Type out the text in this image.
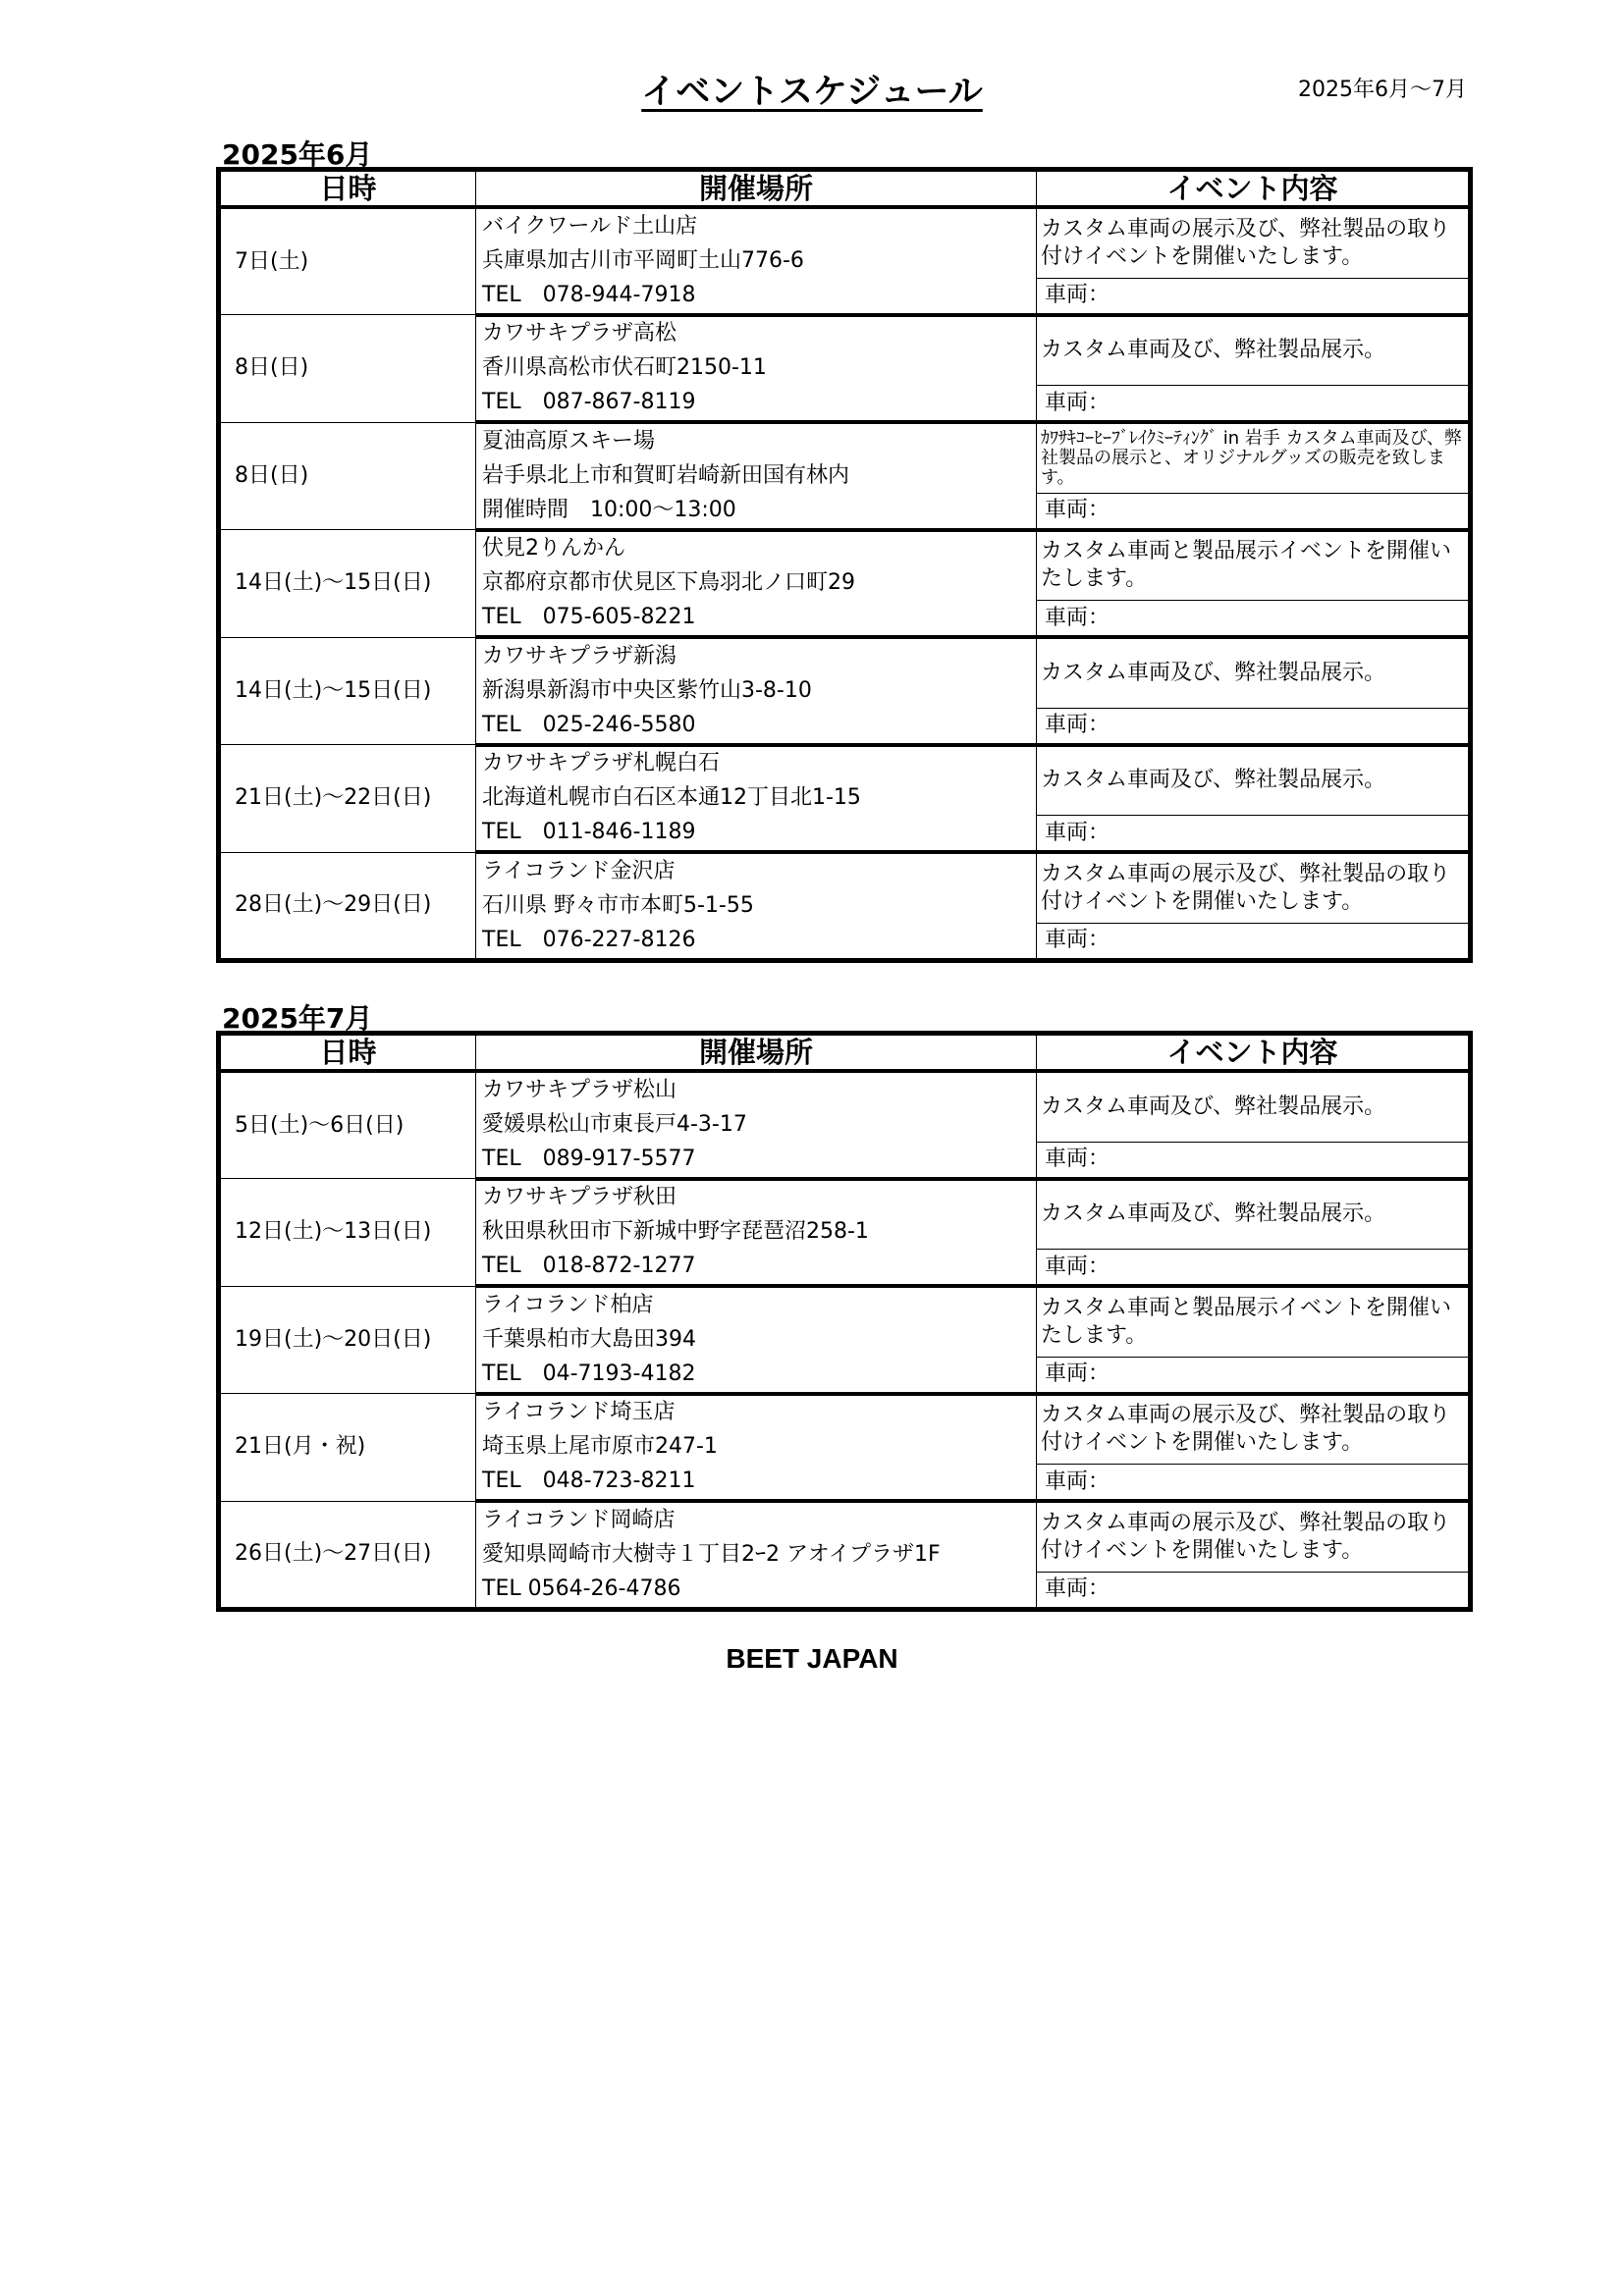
イベントスケジュール	2025年6月～7月
2025年6月
日時	開催場所	イベント内容
7日(土)	バイクワールド土山店	カスタム車両の展示及び、弊社製品の取り付けイベントを開催いたします。
	兵庫県加古川市平岡町土山776-6	
	TEL　078-944-7918	車両：
8日(日)	カワサキプラザ高松	カスタム車両及び、弊社製品展示。
	香川県高松市伏石町2150-11	
	TEL　087-867-8119	車両：
8日(日)	夏油高原スキー場	ｶﾜｻｷｺｰﾋｰﾌﾞﾚｲｸﾐｰﾃｨﾝｸﾞ in 岩手 カスタム車両及び、弊社製品の展示と、オリジナルグッズの販売を致します。
	岩手県北上市和賀町岩崎新田国有林内	
	開催時間　10:00～13:00	車両：
14日(土)～15日(日)	伏見2りんかん	カスタム車両と製品展示イベントを開催いたします。
	京都府京都市伏見区下鳥羽北ノ口町29	
	TEL　075-605-8221	車両：
14日(土)～15日(日)	カワサキプラザ新潟	カスタム車両及び、弊社製品展示。
	新潟県新潟市中央区紫竹山3-8-10	
	TEL　025-246-5580	車両：
21日(土)～22日(日)	カワサキプラザ札幌白石	カスタム車両及び、弊社製品展示。
	北海道札幌市白石区本通12丁目北1-15	
	TEL　011-846-1189	車両：
28日(土)～29日(日)	ライコランド金沢店	カスタム車両の展示及び、弊社製品の取り付けイベントを開催いたします。
	石川県 野々市市本町5-1-55	
	TEL　076-227-8126	車両：
2025年7月
日時	開催場所	イベント内容
5日(土)～6日(日)	カワサキプラザ松山	カスタム車両及び、弊社製品展示。
	愛媛県松山市東長戸4-3-17	
	TEL　089-917-5577	車両：
12日(土)～13日(日)	カワサキプラザ秋田	カスタム車両及び、弊社製品展示。
	秋田県秋田市下新城中野字琵琶沼258-1	
	TEL　018-872-1277	車両：
19日(土)～20日(日)	ライコランド柏店	カスタム車両と製品展示イベントを開催いたします。
	千葉県柏市大島田394	
	TEL　04-7193-4182	車両：
21日(月・祝)	ライコランド埼玉店	カスタム車両の展示及び、弊社製品の取り付けイベントを開催いたします。
	埼玉県上尾市原市247-1	
	TEL　048-723-8211	車両：
26日(土)～27日(日)	ライコランド岡崎店	カスタム車両の展示及び、弊社製品の取り付けイベントを開催いたします。
	愛知県岡崎市大樹寺１丁目2ｰ2 アオイプラザ1F	
	TEL 0564-26-4786	車両：
BEET JAPAN
